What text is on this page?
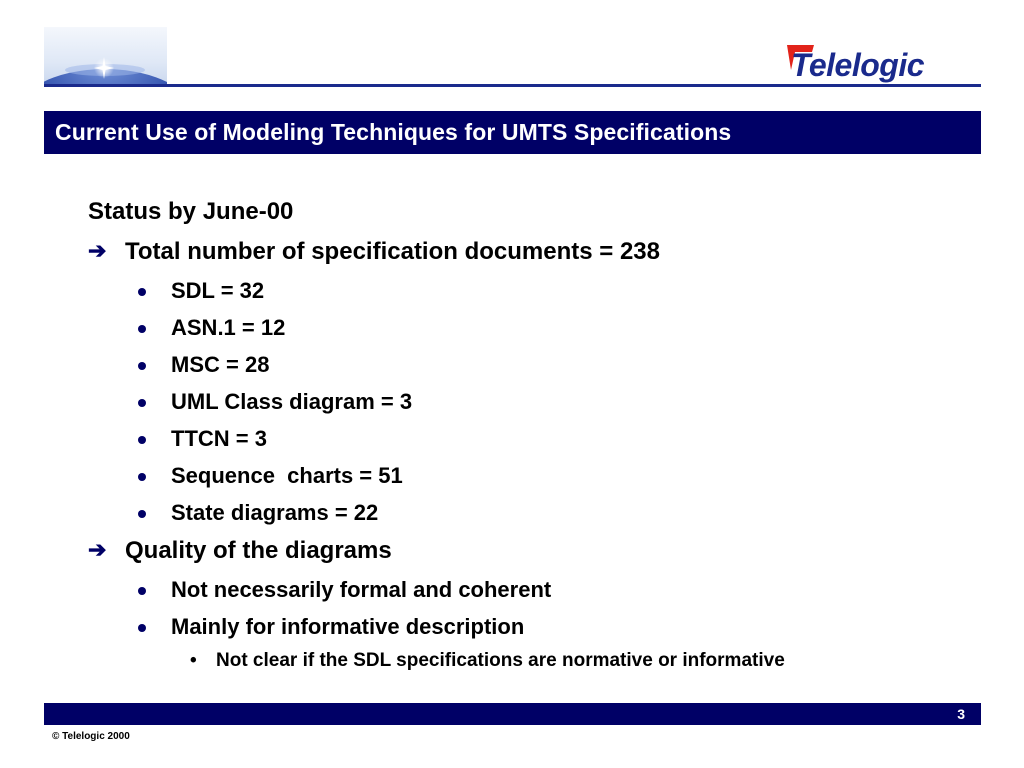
Telelogic
Current Use of Modeling Techniques for UMTS Specifications
Status by June-00
➔ Total number of specification documents = 238
SDL = 32
ASN.1 = 12
MSC = 28
UML Class diagram = 3
TTCN = 3
Sequence  charts = 51
State diagrams = 22
➔ Quality of the diagrams
Not necessarily formal and coherent
Mainly for informative description
• Not clear if the SDL specifications are normative or informative
3
© Telelogic 2000
